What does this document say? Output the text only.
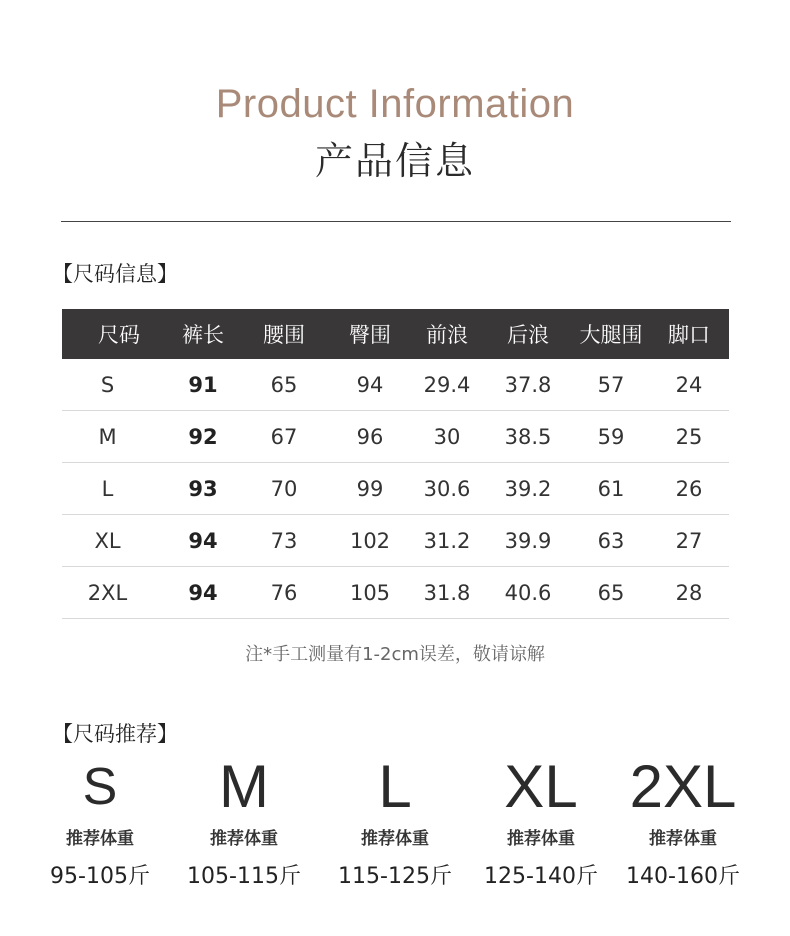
Product Information
产品信息
【尺码信息】
尺码	裤长	腰围	臀围	前浪	后浪	大腿围	脚口
S	91	65	94	29.4	37.8	57	24
M	92	67	96	30	38.5	59	25
L	93	70	99	30.6	39.2	61	26
XL	94	73	102	31.2	39.9	63	27
2XL	94	76	105	31.8	40.6	65	28
注*手工测量有1-2cm误差，敬请谅解
【尺码推荐】
S
推荐体重
95-105斤
M
推荐体重
105-115斤
L
推荐体重
115-125斤
XL
推荐体重
125-140斤
2XL
推荐体重
140-160斤
